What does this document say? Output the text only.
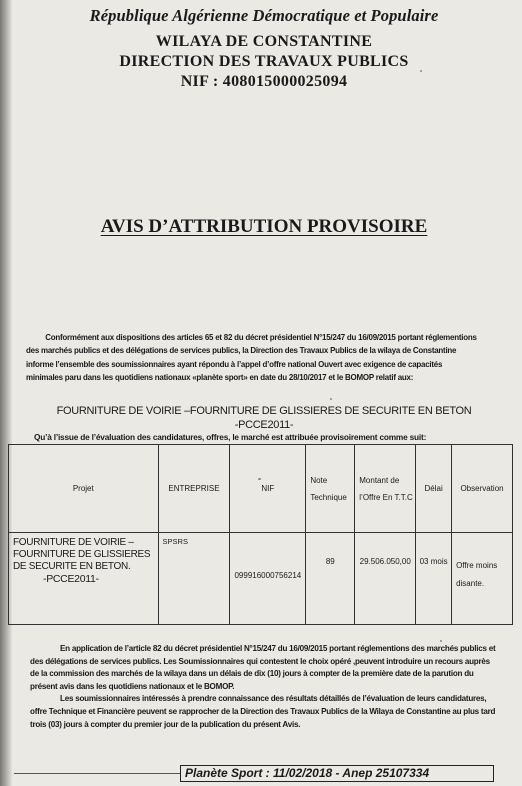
République Algérienne Démocratique et Populaire
WILAYA DE CONSTANTINE
DIRECTION DES TRAVAUX PUBLICS
NIF : 408015000025094
AVIS D’ATTRIBUTION PROVISOIRE

Conformément aux dispositions des articles 65 et 82 du décret présidentiel N°15/247 du 16/09/2015 portant réglementions des marchés publics et des délégations de services publics, la Direction des Travaux Publics de la wilaya de Constantine informe l’ensemble des soumissionnaires ayant répondu à l’appel d’offre national Ouvert avec exigence de capacités minimales paru dans les quotidiens nationaux «planète sport» en date du 28/10/2017 et le BOMOP relatif aux:

FOURNITURE DE VOIRIE –FOURNITURE DE GLISSIERES DE SECURITE EN BETON
-PCCE2011-
Qu’à l’issue de l’évaluation des candidatures, offres, le marché est attribuée provisoirement comme suit:
Projet	ENTREPRISE	NIF	Note Technique	Montant de l’Offre En T.T.C	Délai	Observation
FOURNITURE DE VOIRIE – FOURNITURE DE GLISSIERES DE SECURITE EN BETON.
-PCCE2011-	SPSRS	099916000756214	89	29.506.050,00	03 mois	Offre moins disante.

En application de l’article 82 du décret présidentiel N°15/247 du 16/09/2015 portant réglementions des marchés publics et des délégations de services publics. Les Soumissionnaires qui contestent le choix opéré ,peuvent introduire un recours auprès de la commission des marchés de la wilaya dans un délais de dix (10) jours à compter de la première date de la parution du présent avis dans les quotidiens nationaux et le BOMOP.

Les soumissionnaires intéressés à prendre connaissance des résultats détaillés de l’évaluation de leurs candidatures, offre Technique et Financière peuvent se rapprocher de la Direction des Travaux Publics de la Wilaya de Constantine au plus tard trois (03) jours à compter du premier jour de la publication du présent Avis.

Planète Sport : 11/02/2018 - Anep 25107334
